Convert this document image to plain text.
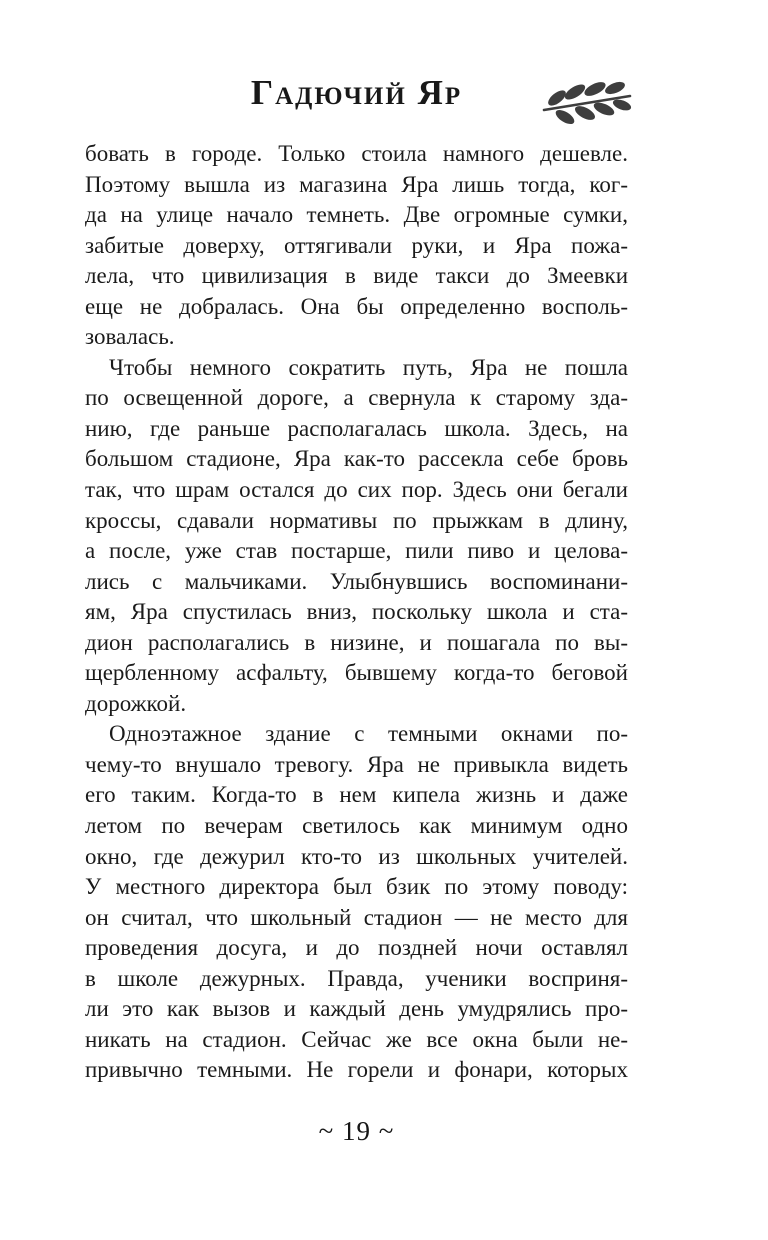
Гадючий Яр
бовать в городе. Только стоила намного дешевле.
Поэтому вышла из магазина Яра лишь тогда, ког-
да на улице начало темнеть. Две огромные сумки,
забитые доверху, оттягивали руки, и Яра пожа-
лела, что цивилизация в виде такси до Змеевки
еще не добралась. Она бы определенно восполь-
зовалась.
Чтобы немного сократить путь, Яра не пошла
по освещенной дороге, а свернула к старому зда-
нию, где раньше располагалась школа. Здесь, на
большом стадионе, Яра как-то рассекла себе бровь
так, что шрам остался до сих пор. Здесь они бегали
кроссы, сдавали нормативы по прыжкам в длину,
а после, уже став постарше, пили пиво и целова-
лись с мальчиками. Улыбнувшись воспоминани-
ям, Яра спустилась вниз, поскольку школа и ста-
дион располагались в низине, и пошагала по вы-
щербленному асфальту, бывшему когда-то беговой
дорожкой.
Одноэтажное здание с темными окнами по-
чему-то внушало тревогу. Яра не привыкла видеть
его таким. Когда-то в нем кипела жизнь и даже
летом по вечерам светилось как минимум одно
окно, где дежурил кто-то из школьных учителей.
У местного директора был бзик по этому поводу:
он считал, что школьный стадион — не место для
проведения досуга, и до поздней ночи оставлял
в школе дежурных. Правда, ученики восприня-
ли это как вызов и каждый день умудрялись про-
никать на стадион. Сейчас же все окна были не-
привычно темными. Не горели и фонари, которых
~ 19 ~
